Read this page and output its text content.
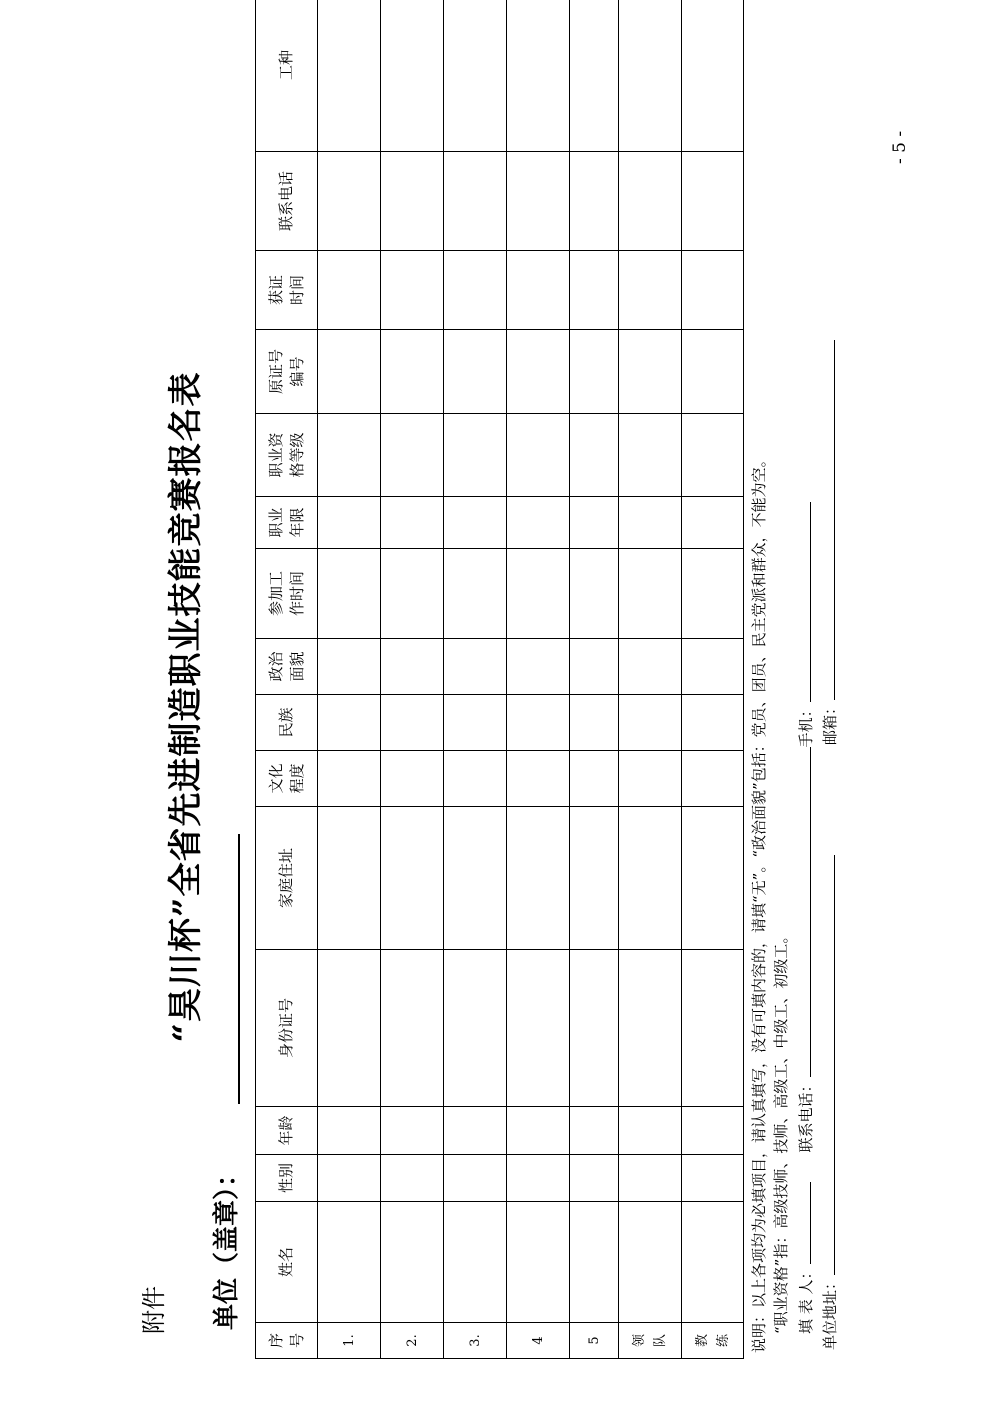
附件
“昊川杯”全省先进制造职业技能竞赛报名表
单位（盖章）：
序 号	姓名	性别	年龄	身份证号	家庭住址	文化 程度	民族	政治 面貌	参加工 作时间	职业 年限	职业资 格等级	原证号 编号	获证 时间	联系电话	工种
1.															
2.															
3.															
4															
5															
领 队															
教 练															说明：以上各项均为必填项目，请认真填写，没有可填内容的，请填“无”。“政治面貌”包括：党员、团员、民主党派和群众，不能为空。 “职业资格”指：高级技师、技师、高级工、中级工、初级工。 填 表 人：联系电话：手机：
单位地址：邮箱：
- 5 -
